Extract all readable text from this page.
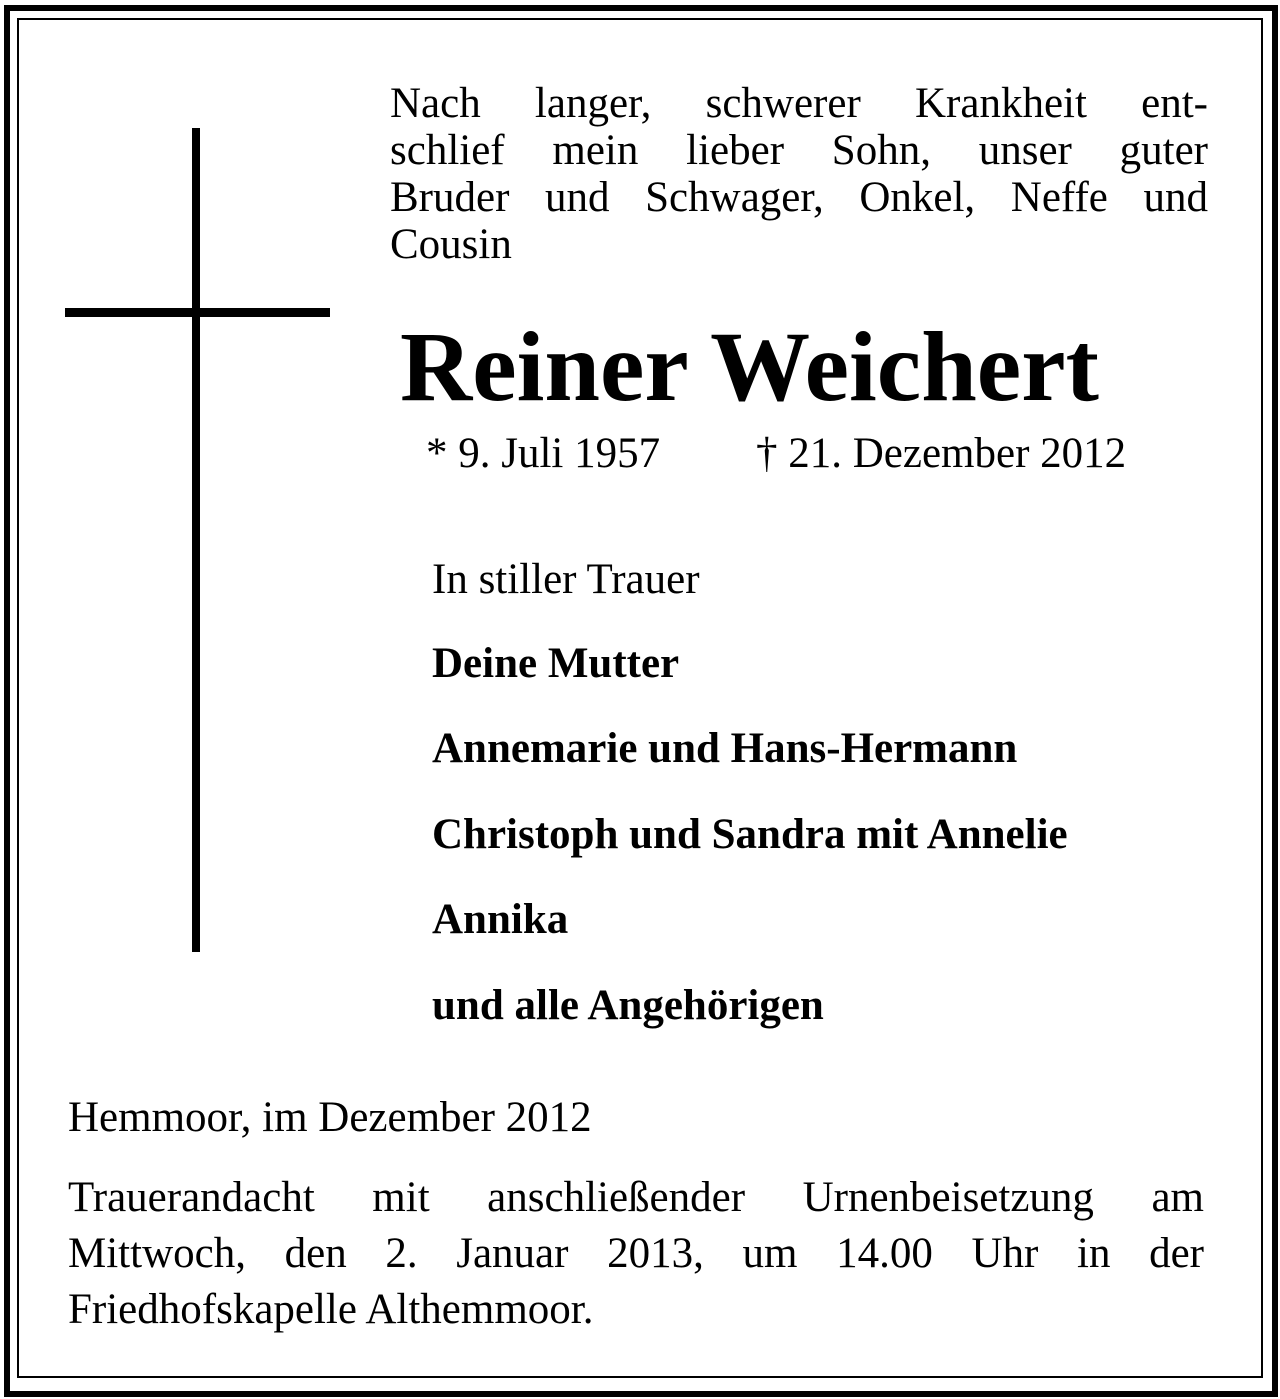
Nach langer, schwerer Krankheit ent-
schlief mein lieber Sohn, unser guter
Bruder und Schwager, Onkel, Neffe und
Cousin
Reiner Weichert
* 9. Juli 1957 † 21. Dezember 2012
In stiller Trauer
Deine Mutter
Annemarie und Hans-Hermann
Christoph und Sandra mit Annelie
Annika
und alle Angehörigen
Hemmoor, im Dezember 2012
Trauerandacht mit anschließender Urnenbeisetzung am
Mittwoch, den 2. Januar 2013, um 14.00 Uhr in der
Friedhofskapelle Althemmoor.
